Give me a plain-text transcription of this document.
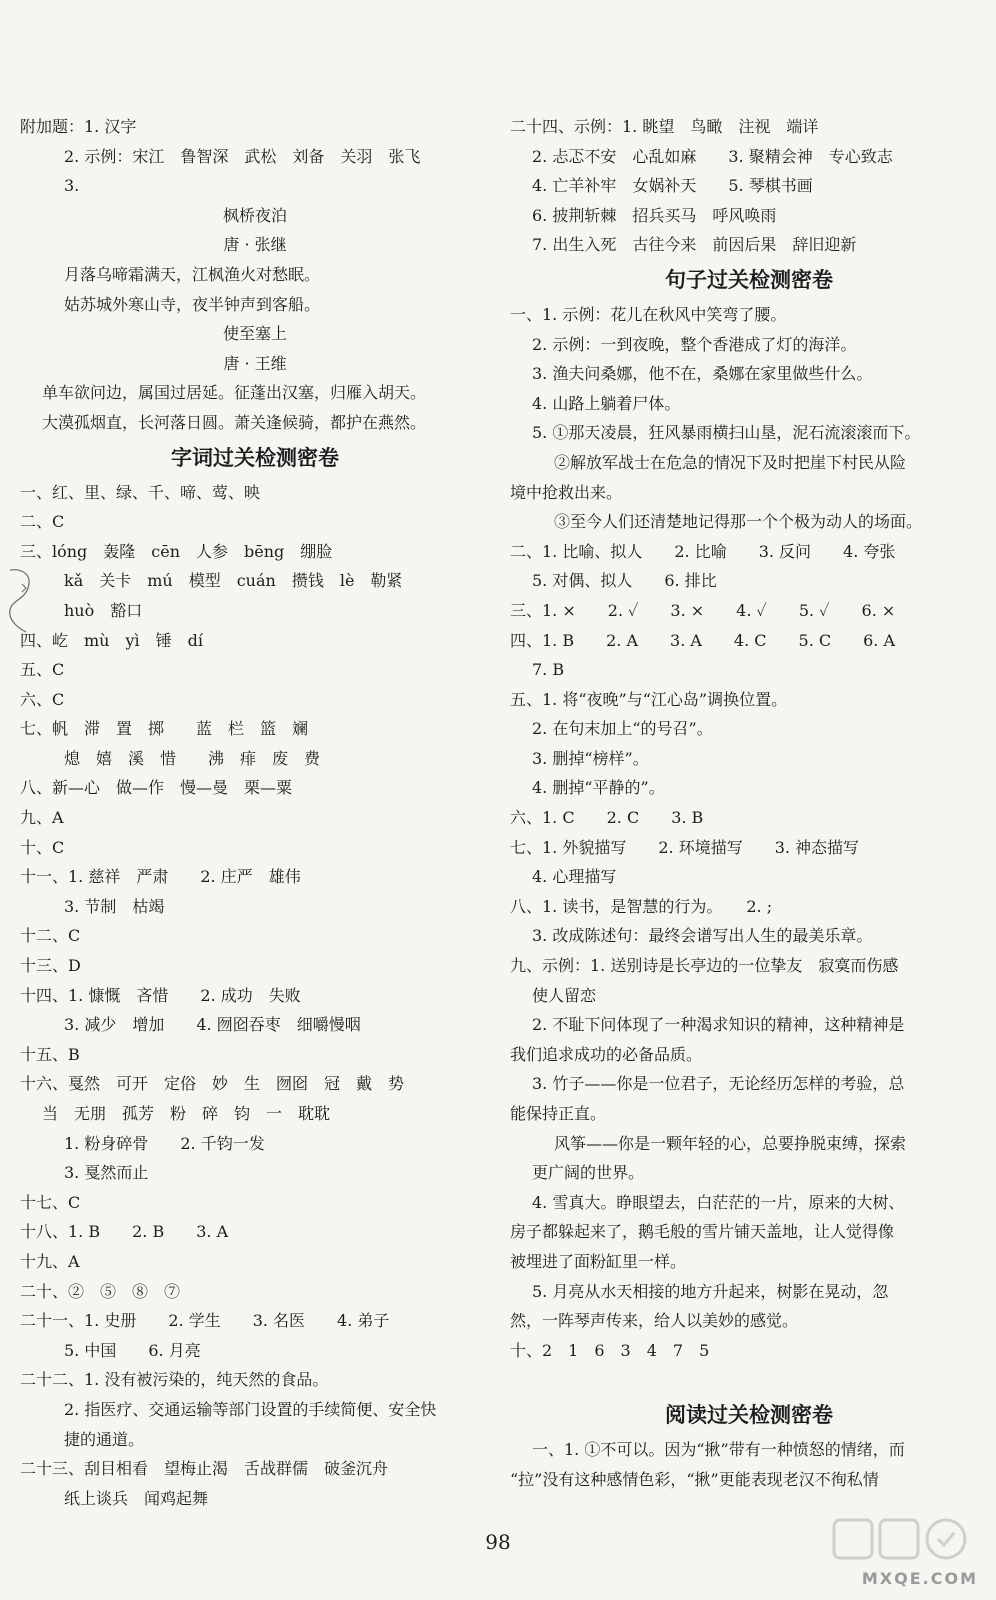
附加题：1. 汉字
2. 示例：宋江　鲁智深　武松　刘备　关羽　张飞
3.
枫桥夜泊
唐 · 张继
月落乌啼霜满天，江枫渔火对愁眠。
姑苏城外寒山寺，夜半钟声到客船。
使至塞上
唐 · 王维
单车欲问边，属国过居延。征蓬出汉塞，归雁入胡天。
大漠孤烟直，长河落日圆。萧关逢候骑，都护在燕然。
字词过关检测密卷
一、红、里、绿、千、啼、莺、映
二、C
三、lóng　轰隆　cēn　人参　bēng　绷脸
kǎ　关卡　mú　模型　cuán　攒钱　lè　勒紧
huò　豁口
四、屹　mù　yì　锤　dí
五、C
六、C
七、帆　滞　置　掷　　蓝　栏　篮　斓
熄　嬉　溪　惜　　沸　痱　废　费
八、新—心　做—作　慢—曼　栗—粟
九、A
十、C
十一、1. 慈祥　严肃　　2. 庄严　雄伟
3. 节制　枯竭
十二、C
十三、D
十四、1. 慷慨　吝惜　　2. 成功　失败
3. 减少　增加　　4. 囫囵吞枣　细嚼慢咽
十五、B
十六、戛然　可开　定俗　妙　生　囫囵　冠　戴　势
当　无朋　孤芳　粉　碎　钧　一　耽耽
1. 粉身碎骨　　2. 千钧一发
3. 戛然而止
十七、C
十八、1. B　　2. B　　3. A
十九、A
二十、②　⑤　⑧　⑦
二十一、1. 史册　　2. 学生　　3. 名医　　4. 弟子
5. 中国　　6. 月亮
二十二、1. 没有被污染的，纯天然的食品。
2. 指医疗、交通运输等部门设置的手续简便、安全快
捷的通道。
二十三、刮目相看　望梅止渴　舌战群儒　破釜沉舟
纸上谈兵　闻鸡起舞
二十四、示例：1. 眺望　鸟瞰　注视　端详
2. 忐忑不安　心乱如麻　　3. 聚精会神　专心致志
4. 亡羊补牢　女娲补天　　5. 琴棋书画
6. 披荆斩棘　招兵买马　呼风唤雨
7. 出生入死　古往今来　前因后果　辞旧迎新
句子过关检测密卷
一、1. 示例：花儿在秋风中笑弯了腰。
2. 示例：一到夜晚，整个香港成了灯的海洋。
3. 渔夫问桑娜，他不在，桑娜在家里做些什么。
4. 山路上躺着尸体。
5. ①那天凌晨，狂风暴雨横扫山垦，泥石流滚滚而下。
②解放军战士在危急的情况下及时把崖下村民从险
境中抢救出来。
③至今人们还清楚地记得那一个个极为动人的场面。
二、1. 比喻、拟人　　2. 比喻　　3. 反问　　4. 夸张
5. 对偶、拟人　　6. 排比
三、1. ×　　2. ✓　　3. ×　　4. ✓　　5. ✓　　6. ×
四、1. B　　2. A　　3. A　　4. C　　5. C　　6. A
7. B
五、1. 将“夜晚”与“江心岛”调换位置。
2. 在句末加上“的号召”。
3. 删掉“榜样”。
4. 删掉“平静的”。
六、1. C　　2. C　　3. B
七、1. 外貌描写　　2. 环境描写　　3. 神态描写
4. 心理描写
八、1. 读书，是智慧的行为。　　2. ;
3. 改成陈述句：最终会谱写出人生的最美乐章。
九、示例：1. 送别诗是长亭边的一位挚友　寂寞而伤感
使人留恋
2. 不耻下问体现了一种渴求知识的精神，这种精神是
我们追求成功的必备品质。
3. 竹子——你是一位君子，无论经历怎样的考验，总
能保持正直。
风筝——你是一颗年轻的心，总要挣脱束缚，探索
更广阔的世界。
4. 雪真大。睁眼望去，白茫茫的一片，原来的大树、
房子都躲起来了，鹅毛般的雪片铺天盖地，让人觉得像
被埋进了面粉缸里一样。
5. 月亮从水天相接的地方升起来，树影在晃动，忽
然，一阵琴声传来，给人以美妙的感觉。
十、2　1　6　3　4　7　5
阅读过关检测密卷
一、1. ①不可以。因为“揪”带有一种愤怒的情绪，而
“拉”没有这种感情色彩，“揪”更能表现老汉不徇私情
98
MXQE.COM
